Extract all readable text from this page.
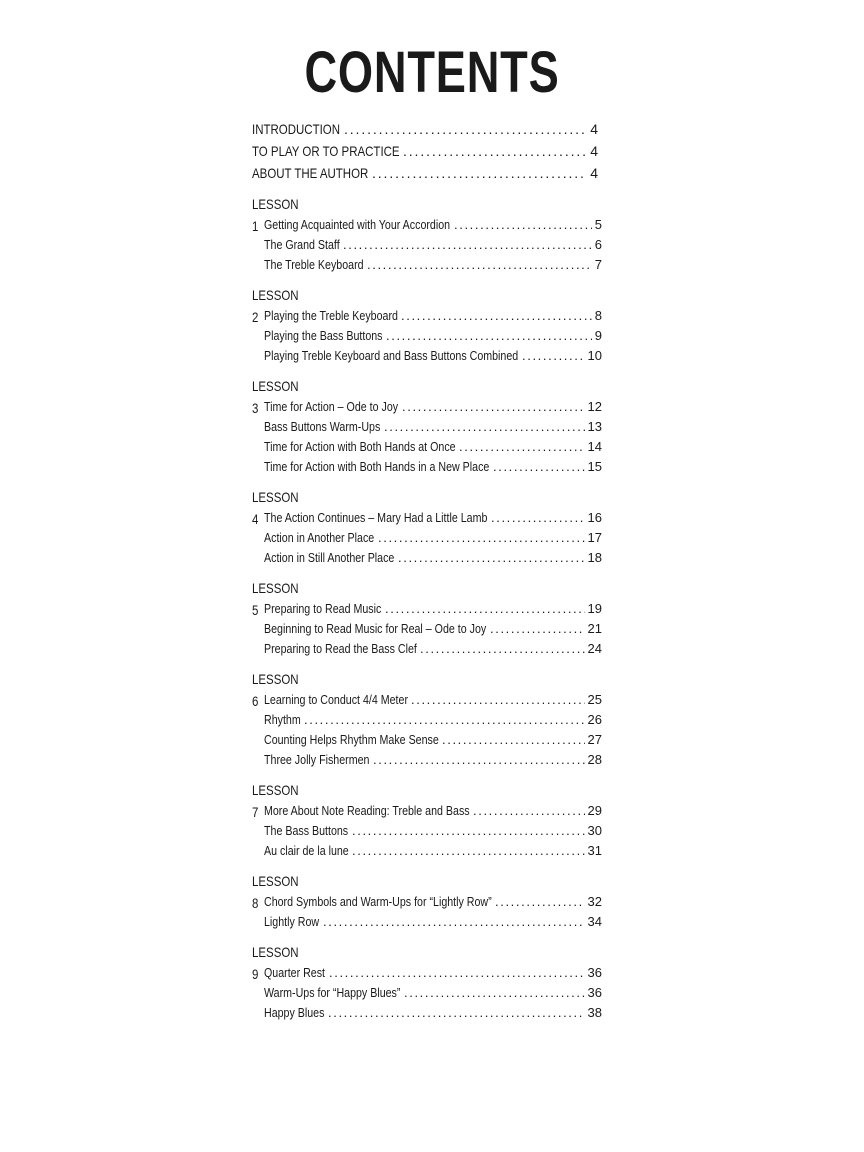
CONTENTS
INTRODUCTION . . .	4
TO PLAY OR TO PRACTICE . . .	4
ABOUT THE AUTHOR . . .	4
LESSON 1 Getting Acquainted with Your Accordion . . .	5
The Grand Staff . . .	6
The Treble Keyboard . . .	7
LESSON 2 Playing the Treble Keyboard . . .	8
Playing the Bass Buttons . . .	9
Playing Treble Keyboard and Bass Buttons Combined . . .	10
LESSON 3 Time for Action – Ode to Joy . . .	12
Bass Buttons Warm-Ups . . .	13
Time for Action with Both Hands at Once . . .	14
Time for Action with Both Hands in a New Place . . .	15
LESSON 4 The Action Continues – Mary Had a Little Lamb . . .	16
Action in Another Place . . .	17
Action in Still Another Place . . .	18
LESSON 5 Preparing to Read Music . . .	19
Beginning to Read Music for Real – Ode to Joy . . .	21
Preparing to Read the Bass Clef . . .	24
LESSON 6 Learning to Conduct 4/4 Meter . . .	25
Rhythm . . .	26
Counting Helps Rhythm Make Sense . . .	27
Three Jolly Fishermen . . .	28
LESSON 7 More About Note Reading: Treble and Bass . . .	29
The Bass Buttons . . .	30
Au clair de la lune . . .	31
LESSON 8 Chord Symbols and Warm-Ups for “Lightly Row” . . .	32
Lightly Row . . .	34
LESSON 9 Quarter Rest . . .	36
Warm-Ups for “Happy Blues” . . .	36
Happy Blues . . .	38
